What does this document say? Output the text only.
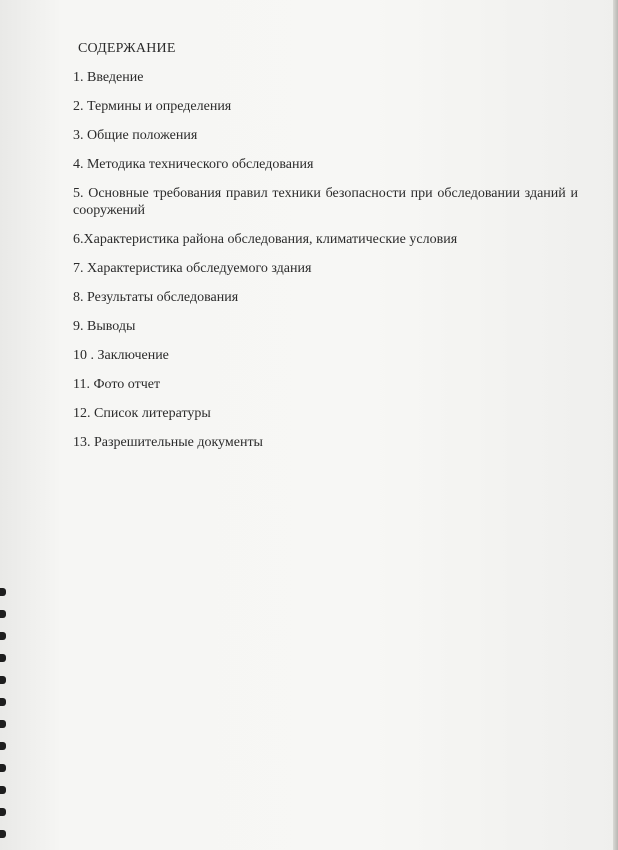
СОДЕРЖАНИЕ
1. Введение
2. Термины и определения
3. Общие положения
4. Методика технического обследования
5. Основные требования правил техники безопасности при обследовании зданий и сооружений
6.Характеристика района обследования, климатические условия
7. Характеристика обследуемого здания
8. Результаты обследования
9. Выводы
10 . Заключение
11. Фото отчет
12. Список литературы
13. Разрешительные документы
